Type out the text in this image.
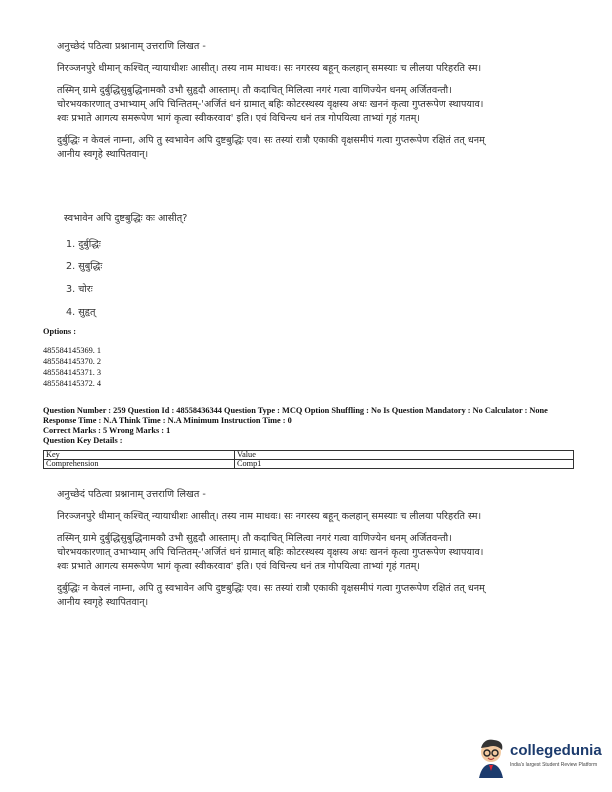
अनुच्छेदं पठित्वा प्रश्नानाम् उत्तराणि लिखत -

निरञ्जनपुरे धीमान् कश्चित् न्यायाधीशः आसीत्। तस्य नाम माधवः। सः नगरस्य बहून् कलहान् समस्याः च लीलया परिहरति स्म।

तस्मिन् ग्रामे दुर्बुद्धिसुबुद्धिनामकौ उभौ सुहृदौ आस्ताम्। तौ कदाचित् मिलित्वा नगरं गत्वा वाणिज्येन धनम् अर्जितवन्तौ। चोरभयकारणात् उभाभ्याम् अपि चिन्तितम्-'अर्जितं धनं ग्रामात् बहिः कोटरस्थस्य वृक्षस्य अधः खननं कृत्वा गुप्तरूपेण स्थापयाव। श्वः प्रभाते आगत्य समरूपेण भागं कृत्वा स्वीकरवाव' इति। एवं विचिन्त्य धनं तत्र गोपयित्वा ताभ्यां गृहं गतम्।

दुर्बुद्धिः न केवलं नाम्ना, अपि तु स्वभावेन अपि दुष्टबुद्धिः एव। सः तस्यां रात्रौ एकाकी वृक्षसमीपं गत्वा गुप्तरूपेण रक्षितं तत् धनम् आनीय स्वगृहे स्थापितवान्।

स्वभावेन अपि दुष्टबुद्धिः कः आसीत्?
1. दुर्बुद्धिः
2. सुबुद्धिः
3. चोरः
4. सुहृत्
Options :
485584145369. 1
485584145370. 2
485584145371. 3
485584145372. 4
Question Number : 259 Question Id : 48558436344 Question Type : MCQ Option Shuffling : No Is Question Mandatory : No Calculator : None
Response Time : N.A Think Time : N.A Minimum Instruction Time : 0
Correct Marks : 5 Wrong Marks : 1
Question Key Details :
Key	Value
Comprehension	Comp1
अनुच्छेदं पठित्वा प्रश्नानाम् उत्तराणि लिखत -

निरञ्जनपुरे धीमान् कश्चित् न्यायाधीशः आसीत्। तस्य नाम माधवः। सः नगरस्य बहून् कलहान् समस्याः च लीलया परिहरति स्म।

तस्मिन् ग्रामे दुर्बुद्धिसुबुद्धिनामकौ उभौ सुहृदौ आस्ताम्। तौ कदाचित् मिलित्वा नगरं गत्वा वाणिज्येन धनम् अर्जितवन्तौ। चोरभयकारणात् उभाभ्याम् अपि चिन्तितम्-'अर्जितं धनं ग्रामात् बहिः कोटरस्थस्य वृक्षस्य अधः खननं कृत्वा गुप्तरूपेण स्थापयाव। श्वः प्रभाते आगत्य समरूपेण भागं कृत्वा स्वीकरवाव' इति। एवं विचिन्त्य धनं तत्र गोपयित्वा ताभ्यां गृहं गतम्।

दुर्बुद्धिः न केवलं नाम्ना, अपि तु स्वभावेन अपि दुष्टबुद्धिः एव। सः तस्यां रात्रौ एकाकी वृक्षसमीपं गत्वा गुप्तरूपेण रक्षितं तत् धनम् आनीय स्वगृहे स्थापितवान्।

collegedunia
India's largest Student Review Platform
